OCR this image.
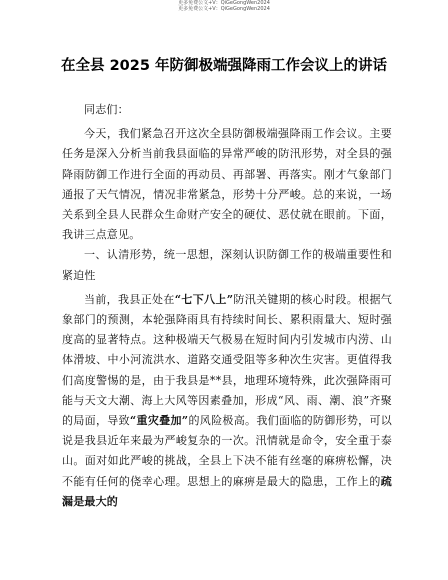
更多免费公文+V：QiGeGongWen2024
更多免费公文+V：QiGeGongWen2024
在全县 2025 年防御极端强降雨工作会议上的讲话

同志们：

今天，我们紧急召开这次全县防御极端强降雨工作会议。主要任务是深入分析当前我县面临的异常严峻的防汛形势，对全县的强降雨防御工作进行全面的再动员、再部署、再落实。刚才气象部门通报了天气情况，情况非常紧急，形势十分严峻。总的来说，一场关系到全县人民群众生命财产安全的硬仗、恶仗就在眼前。下面，我讲三点意见。

一、认清形势，统一思想，深刻认识防御工作的极端重要性和紧迫性

当前，我县正处在“七下八上”防汛关键期的核心时段。根据气象部门的预测，本轮强降雨具有持续时间长、累积雨量大、短时强度高的显著特点。这种极端天气极易在短时间内引发城市内涝、山体滑坡、中小河流洪水、道路交通受阻等多种次生灾害。更值得我们高度警惕的是，由于我县是**县，地理环境特殊，此次强降雨可能与天文大潮、海上大风等因素叠加，形成“风、雨、潮、浪”齐聚的局面，导致“重灾叠加”的风险极高。我们面临的防御形势，可以说是我县近年来最为严峻复杂的一次。汛情就是命令，安全重于泰山。面对如此严峻的挑战，全县上下决不能有丝毫的麻痹松懈，决不能有任何的侥幸心理。思想上的麻痹是最大的隐患，工作上的疏漏是最大的
